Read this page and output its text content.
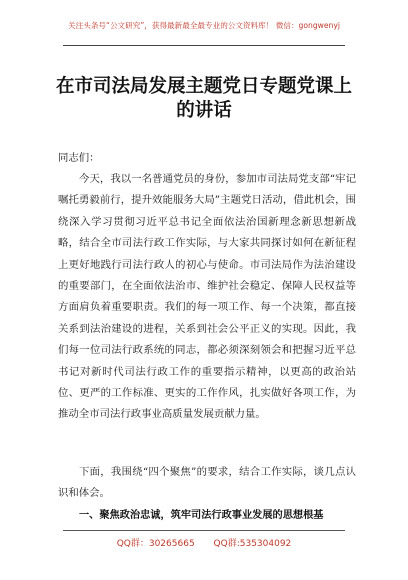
关注头条号“公文研究”，获得最新最全最专业的公文资料库！ 微信：gongwenyj
在市司法局发展主题党日专题党课上的讲话
同志们：
今天，我以一名普通党员的身份，参加市司法局党支部“牢记嘱托勇毅前行，提升效能服务大局”主题党日活动，借此机会，围绕深入学习贯彻习近平总书记全面依法治国新理念新思想新战略，结合全市司法行政工作实际，与大家共同探讨如何在新征程上更好地践行司法行政人的初心与使命。市司法局作为法治建设的重要部门，在全面依法治市、维护社会稳定、保障人民权益等方面肩负着重要职责。我们的每一项工作、每一个决策，都直接关系到法治建设的进程，关系到社会公平正义的实现。因此，我们每一位司法行政系统的同志，都必须深刻领会和把握习近平总书记对新时代司法行政工作的重要指示精神，以更高的政治站位、更严的工作标准、更实的工作作风，扎实做好各项工作，为推动全市司法行政事业高质量发展贡献力量。
下面，我围绕“四个聚焦”的要求，结合工作实际，谈几点认识和体会。
一、聚焦政治忠诚，筑牢司法行政事业发展的思想根基
QQ群：30265665 QQ群:535304092
